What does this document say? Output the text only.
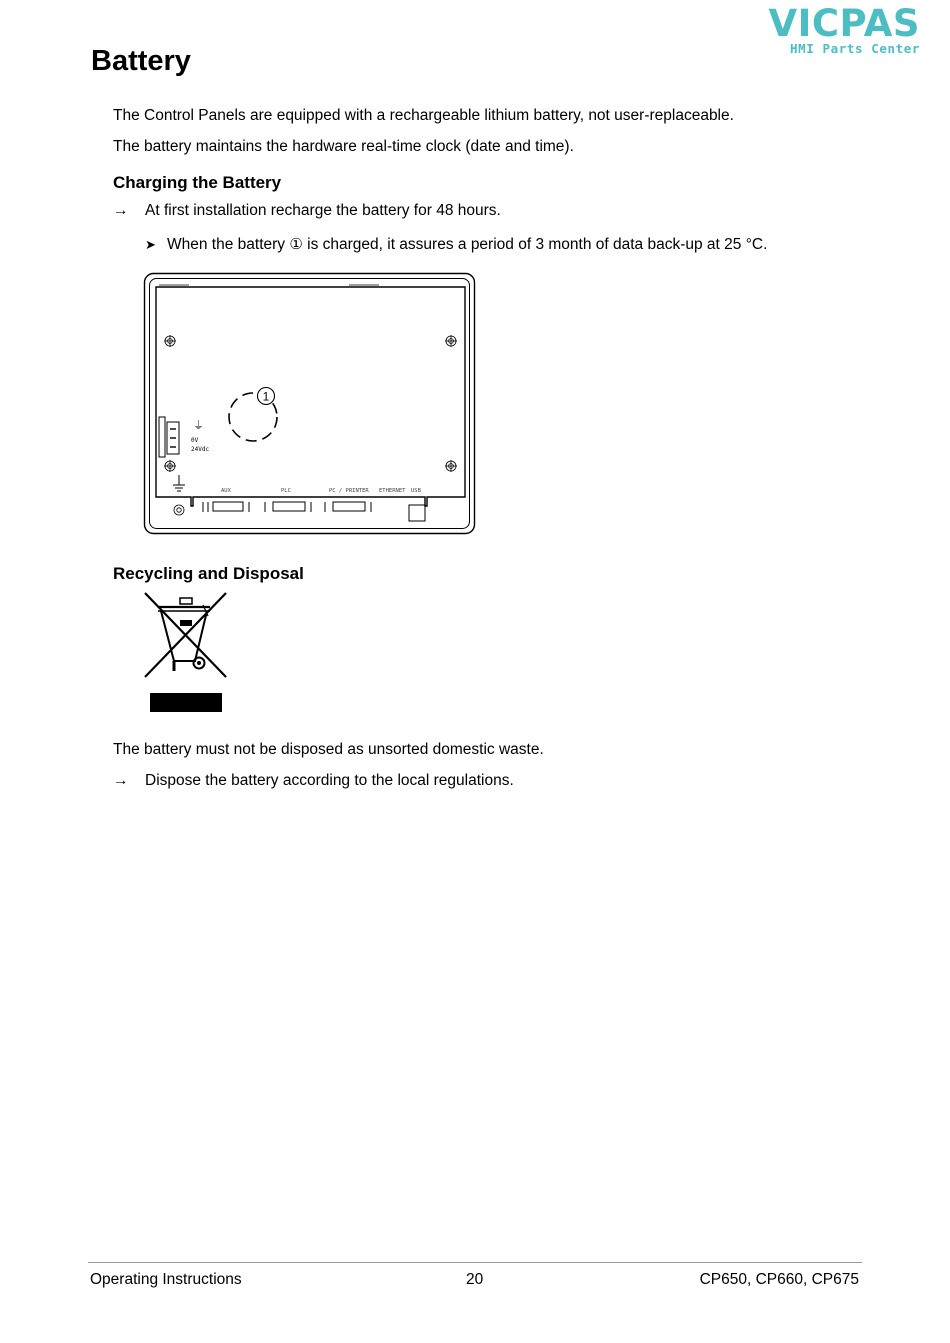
VICPAS
HMI Parts Center
Battery

The Control Panels are equipped with a rechargeable lithium battery, not user-replaceable.

The battery maintains the hardware real-time clock (date and time).

Charging the Battery
→ At first installation recharge the battery for 48 hours.
➤ When the battery ① is charged, it assures a period of 3 month of data back-up at 25 °C.
1
⏚
0V
24Vdc
AUX	PLC	PC / PRINTER ETHERNET USB
Recycling and Disposal

The battery must not be disposed as unsorted domestic waste.

→ Dispose the battery according to the local regulations.
Operating Instructions	20	CP650, CP660, CP675
